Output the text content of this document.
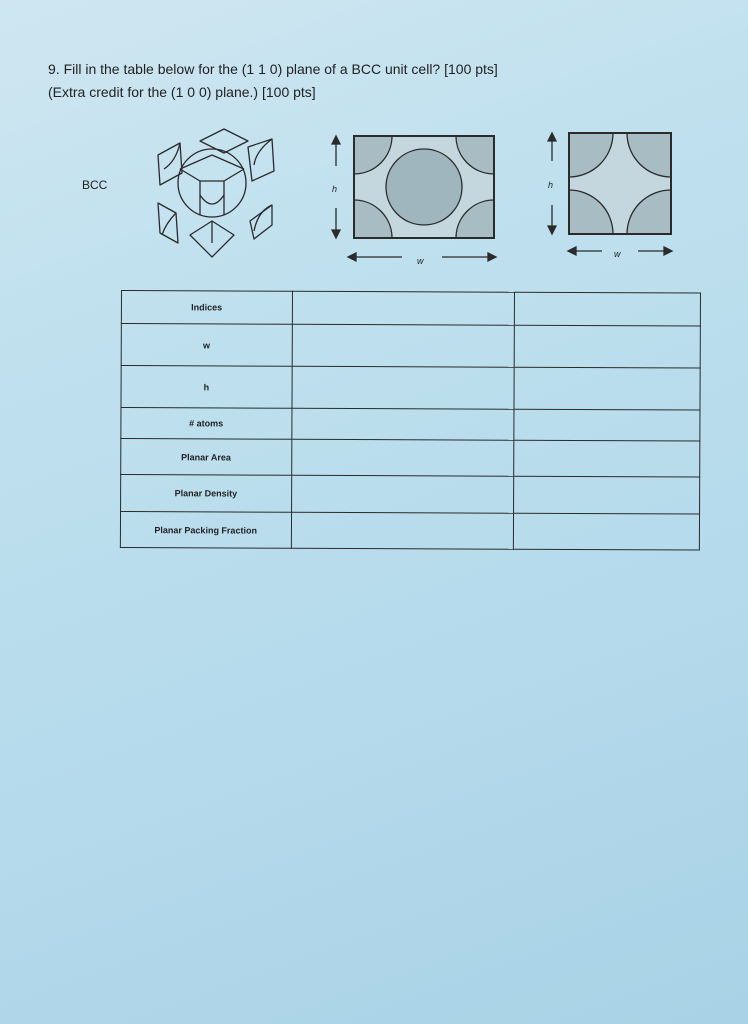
9. Fill in the table below for the (1 1 0) plane of a BCC unit cell? [100 pts]
(Extra credit for the (1 0 0) plane.) [100 pts]
BCC	h
w
h
w
Indices		
w		
h		
# atoms		
Planar Area		
Planar Density		
Planar Packing Fraction		
